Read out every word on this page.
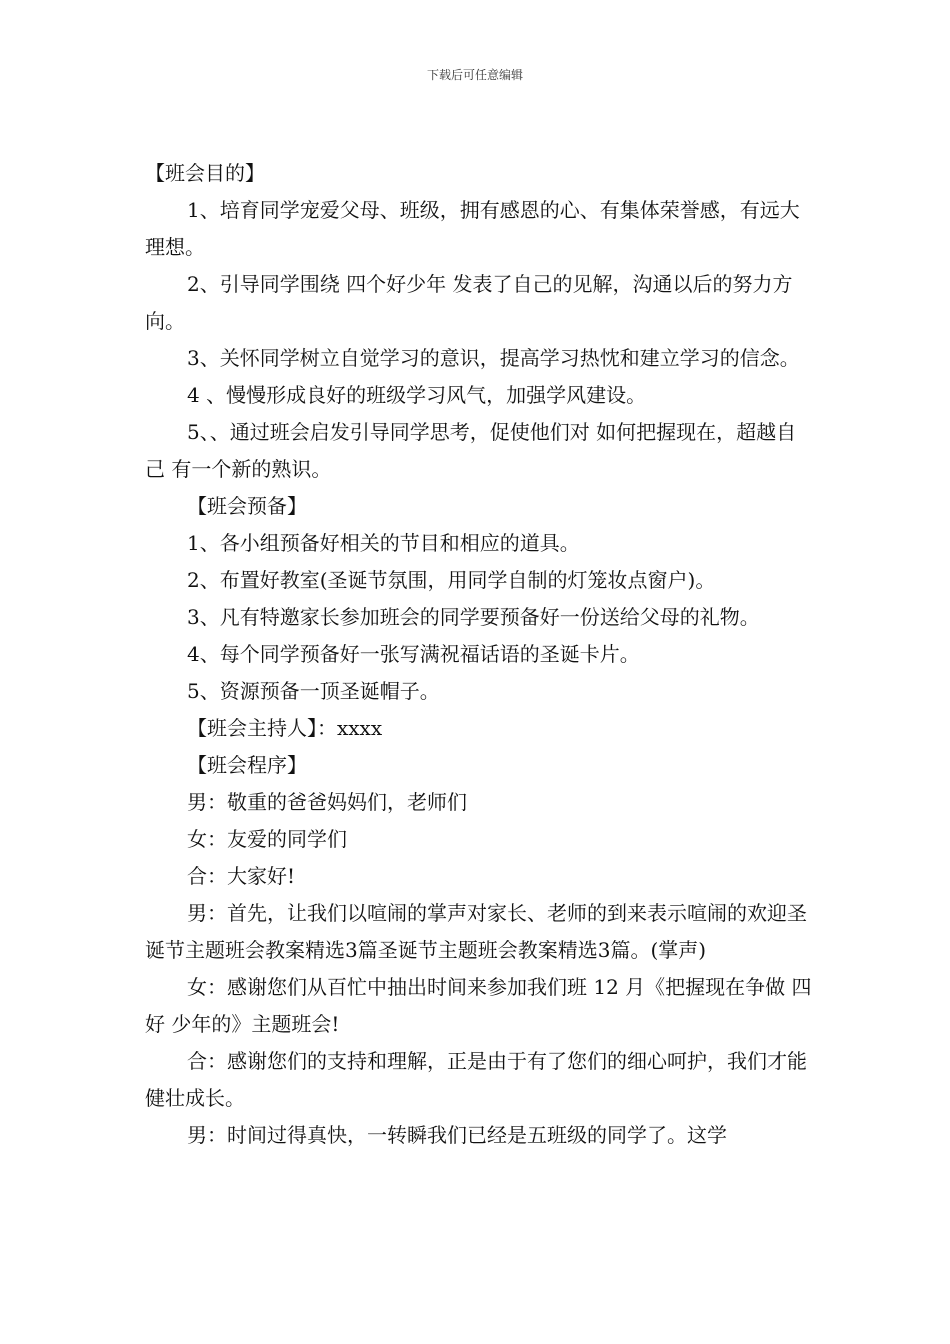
下载后可任意编辑

【班会目的】

1、培育同学宠爱父母、班级，拥有感恩的心、有集体荣誉感，有远大理想。

2、引导同学围绕 四个好少年 发表了自己的见解，沟通以后的努力方向。

3、关怀同学树立自觉学习的意识，提高学习热忱和建立学习的信念。

4 、慢慢形成良好的班级学习风气，加强学风建设。

5、、通过班会启发引导同学思考，促使他们对 如何把握现在，超越自己 有一个新的熟识。

【班会预备】

1、各小组预备好相关的节目和相应的道具。

2、布置好教室(圣诞节氛围，用同学自制的灯笼妆点窗户)。

3、凡有特邀家长参加班会的同学要预备好一份送给父母的礼物。

4、每个同学预备好一张写满祝福话语的圣诞卡片。

5、资源预备一顶圣诞帽子。

【班会主持人】：xxxx

【班会程序】

男：敬重的爸爸妈妈们，老师们

女：友爱的同学们

合：大家好!

男：首先，让我们以喧闹的掌声对家长、老师的到来表示喧闹的欢迎圣诞节主题班会教案精选3篇圣诞节主题班会教案精选3篇。(掌声)

女：感谢您们从百忙中抽出时间来参加我们班 12 月《把握现在争做 四好 少年的》主题班会!

合：感谢您们的支持和理解，正是由于有了您们的细心呵护，我们才能健壮成长。

男：时间过得真快，一转瞬我们已经是五班级的同学了。这学
